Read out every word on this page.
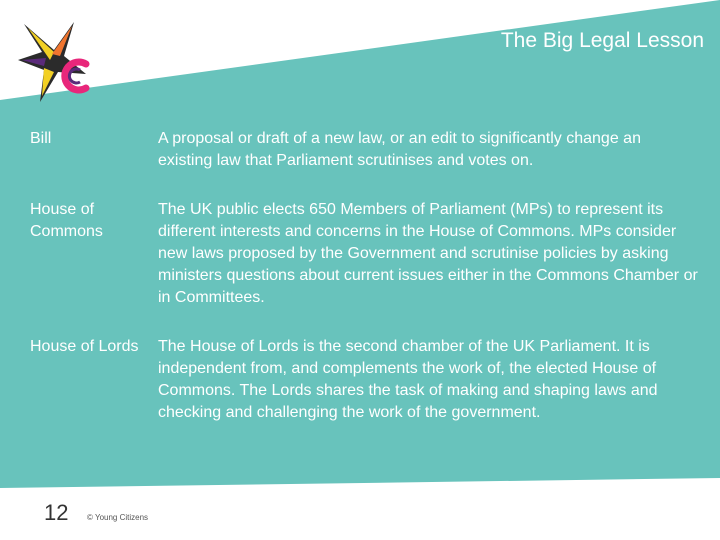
The Big Legal Lesson
Bill	A proposal or draft of a new law, or an edit to significantly change an existing law that Parliament scrutinises and votes on.
House of Commons
The UK public elects 650 Members of Parliament (MPs) to represent its different interests and concerns in the House of Commons. MPs consider new laws proposed by the Government and scrutinise policies by asking ministers questions about current issues either in the Commons Chamber or in Committees.
House of Lords The House of Lords is the second chamber of the UK Parliament. It is independent from, and complements the work of, the elected House of Commons. The Lords shares the task of making and shaping laws and checking and challenging the work of the government.
12 © Young Citizens
